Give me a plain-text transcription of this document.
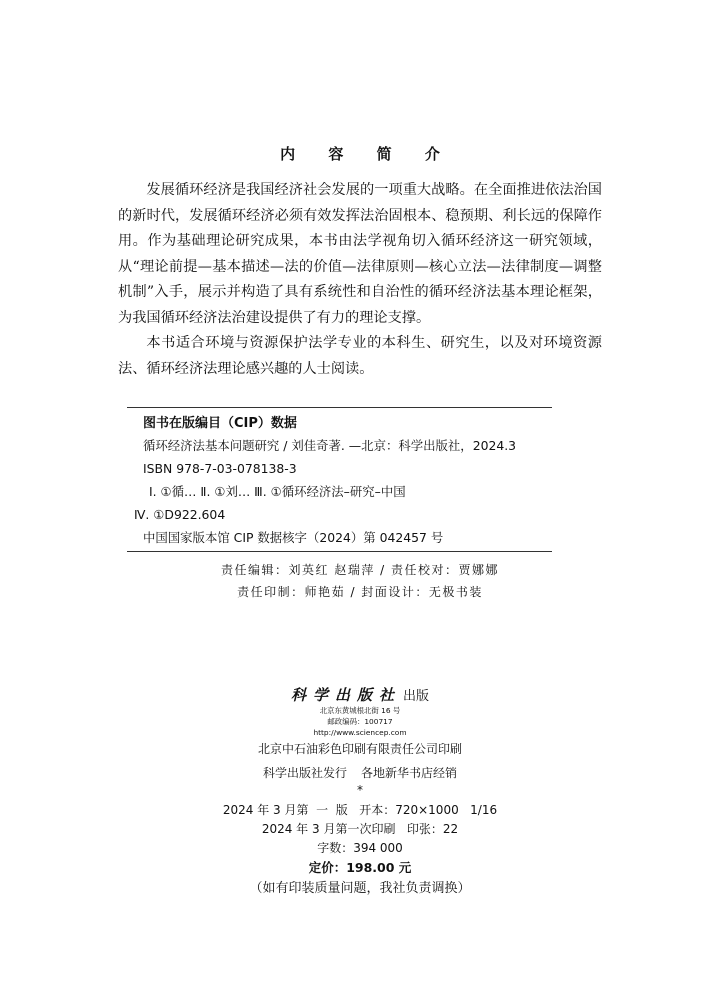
内 容 简 介

发展循环经济是我国经济社会发展的一项重大战略。在全面推进依法治国的新时代，发展循环经济必须有效发挥法治固根本、稳预期、利长远的保障作用。作为基础理论研究成果，本书由法学视角切入循环经济这一研究领域，从“理论前提—基本描述—法的价值—法律原则—核心立法—法律制度—调整机制”入手，展示并构造了具有系统性和自治性的循环经济法基本理论框架，为我国循环经济法治建设提供了有力的理论支撑。

本书适合环境与资源保护法学专业的本科生、研究生，以及对环境资源法、循环经济法理论感兴趣的人士阅读。

图书在版编目（CIP）数据
循环经济法基本问题研究 / 刘佳奇著. —北京：科学出版社，2024.3
ISBN 978-7-03-078138-3
Ⅰ. ①循… Ⅱ. ①刘… Ⅲ. ①循环经济法–研究–中国
Ⅳ. ①D922.604
中国国家版本馆 CIP 数据核字（2024）第 042457 号
责任编辑：刘英红 赵瑞萍 / 责任校对：贾娜娜
责任印制：师艳茹 / 封面设计：无极书装
科学出版社 出版
北京东黄城根北街 16 号
邮政编码：100717
http://www.sciencep.com
北京中石油彩色印刷有限责任公司印刷
科学出版社发行 各地新华书店经销
*
2024 年 3 月第  一  版   开本：720×1000   1/16
2024 年 3 月第一次印刷   印张：22
字数：394 000
定价：198.00 元
（如有印装质量问题，我社负责调换）
